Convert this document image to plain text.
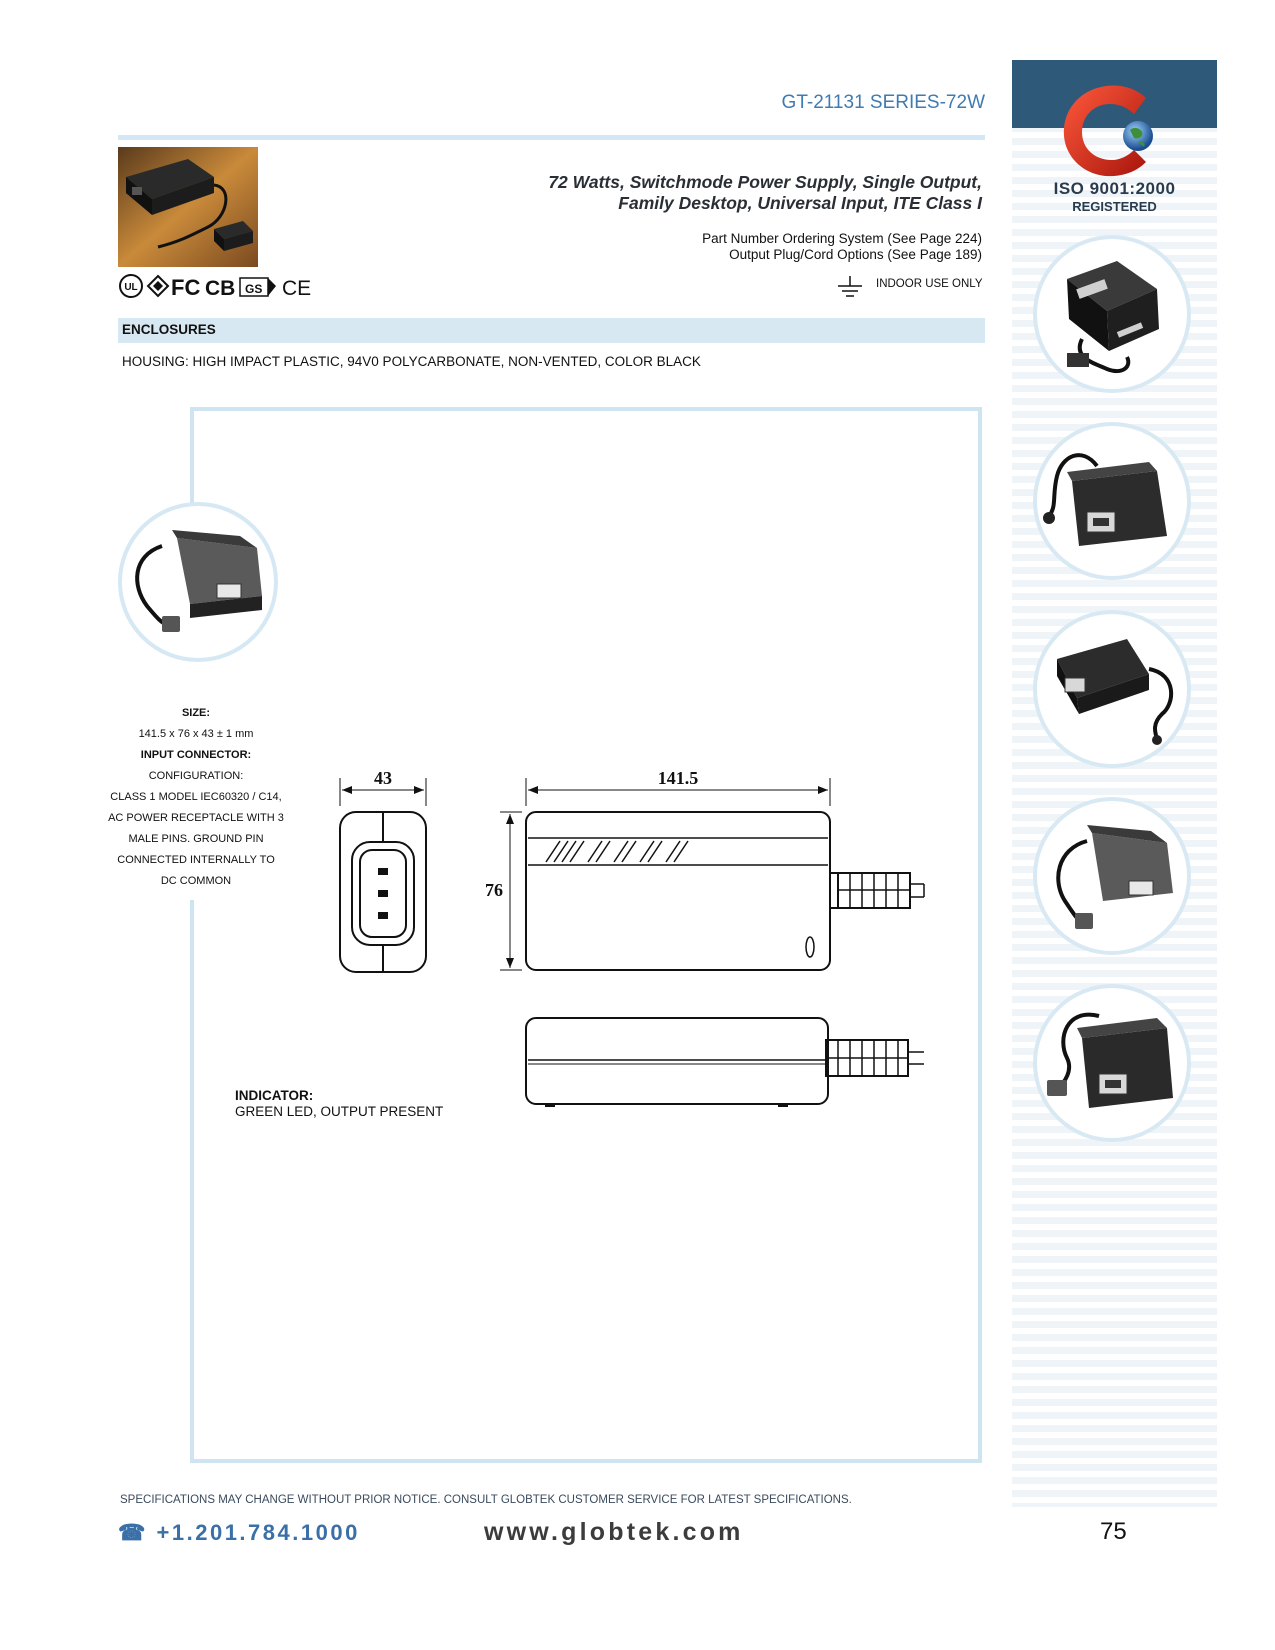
GT-21131 SERIES-72W
72 Watts, Switchmode Power Supply, Single Output,
Family Desktop, Universal Input, ITE Class I
Part Number Ordering System (See Page 224)
Output Plug/Cord Options (See Page 189)
UL FC CB GS CE	INDOOR USE ONLY
ENCLOSURES
HOUSING: HIGH IMPACT PLASTIC, 94V0 POLYCARBONATE, NON-VENTED, COLOR BLACK
SIZE:
141.5 x 76 x 43 ± 1 mm
INPUT CONNECTOR:
CONFIGURATION:
CLASS 1 MODEL IEC60320 / C14,
AC POWER RECEPTACLE WITH 3
MALE PINS. GROUND PIN
CONNECTED INTERNALLY TO
DC COMMON
INDICATOR:
GREEN LED, OUTPUT PRESENT
43	141.5
76
ISO 9001:2000
REGISTERED
SPECIFICATIONS MAY CHANGE WITHOUT PRIOR NOTICE. CONSULT GLOBTEK CUSTOMER SERVICE FOR LATEST SPECIFICATIONS.
☎ +1.201.784.1000	www.globtek.com	75
